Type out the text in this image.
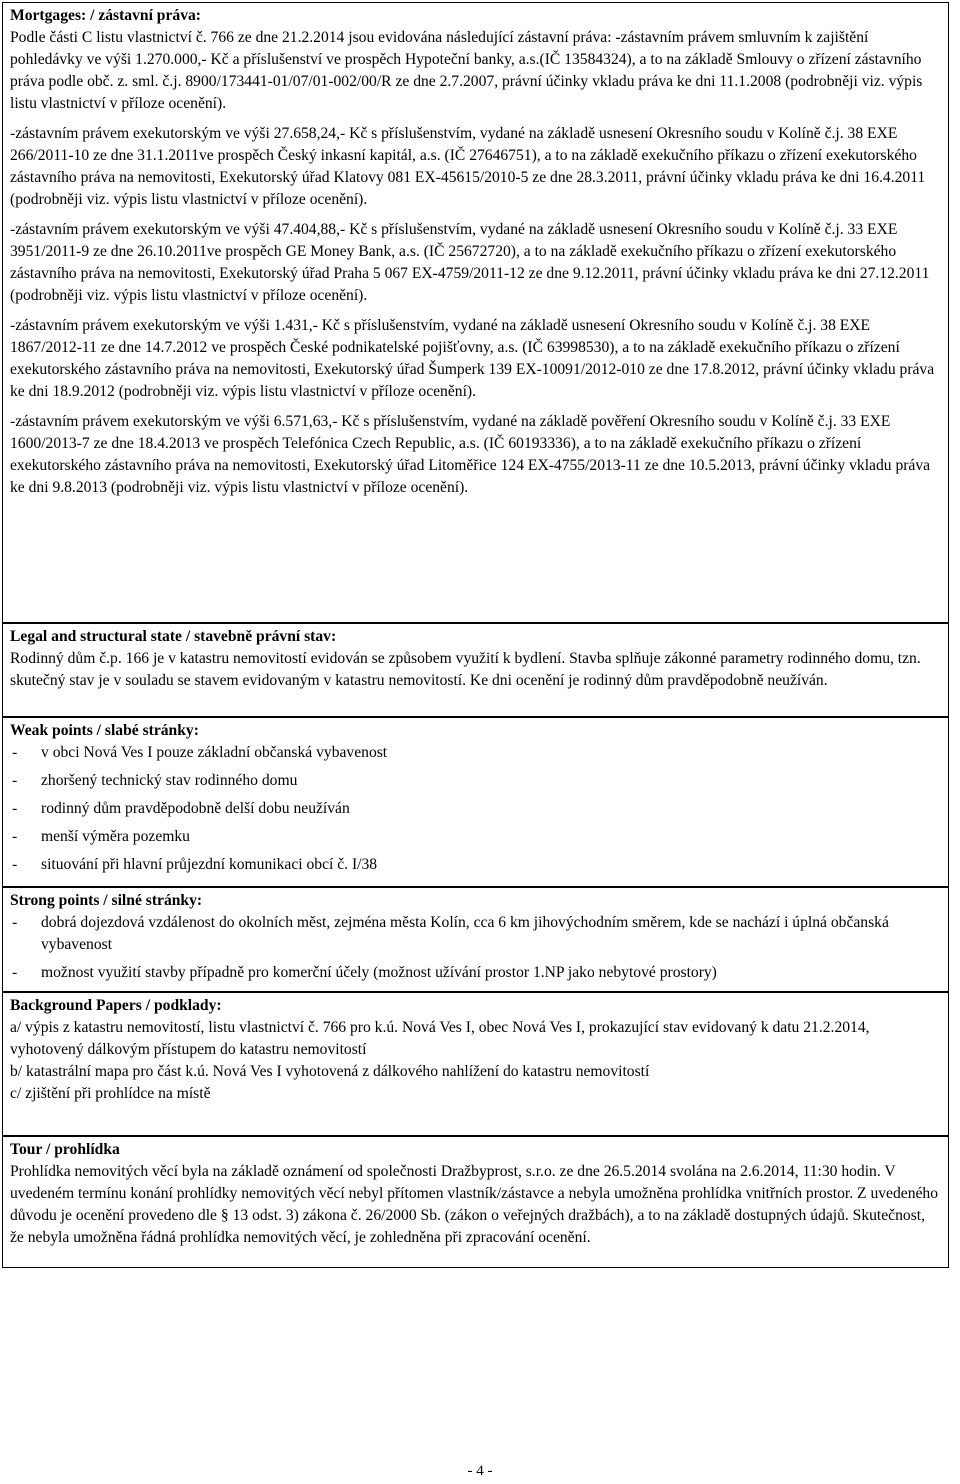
Mortgages: / zástavní práva:

Podle části C listu vlastnictví č. 766 ze dne 21.2.2014 jsou evidována následující zástavní práva: -zástavním právem smluvním k zajištění pohledávky ve výši 1.270.000,- Kč a příslušenství ve prospěch Hypoteční banky, a.s.(IČ 13584324), a to na základě Smlouvy o zřízení zástavního práva podle obč. z. sml. č.j. 8900/173441-01/07/01-002/00/R ze dne 2.7.2007, právní účinky vkladu práva ke dni 11.1.2008 (podrobněji viz. výpis listu vlastnictví v příloze ocenění).

-zástavním právem exekutorským ve výši 27.658,24,- Kč s příslušenstvím, vydané na základě usnesení Okresního soudu v Kolíně č.j. 38 EXE 266/2011-10 ze dne 31.1.2011ve prospěch Český inkasní kapitál, a.s. (IČ 27646751), a to na základě exekučního příkazu o zřízení exekutorského zástavního práva na nemovitosti, Exekutorský úřad Klatovy 081 EX-45615/2010-5 ze dne 28.3.2011, právní účinky vkladu práva ke dni 16.4.2011 (podrobněji viz. výpis listu vlastnictví v příloze ocenění).

-zástavním právem exekutorským ve výši 47.404,88,- Kč s příslušenstvím, vydané na základě usnesení Okresního soudu v Kolíně č.j. 33 EXE 3951/2011-9 ze dne 26.10.2011ve prospěch GE Money Bank, a.s. (IČ 25672720), a to na základě exekučního příkazu o zřízení exekutorského zástavního práva na nemovitosti, Exekutorský úřad Praha 5 067 EX-4759/2011-12 ze dne 9.12.2011, právní účinky vkladu práva ke dni 27.12.2011 (podrobněji viz. výpis listu vlastnictví v příloze ocenění).

-zástavním právem exekutorským ve výši 1.431,- Kč s příslušenstvím, vydané na základě usnesení Okresního soudu v Kolíně č.j. 38 EXE 1867/2012-11 ze dne 14.7.2012 ve prospěch České podnikatelské pojišťovny, a.s. (IČ 63998530), a to na základě exekučního příkazu o zřízení exekutorského zástavního práva na nemovitosti, Exekutorský úřad Šumperk 139 EX-10091/2012-010 ze dne 17.8.2012, právní účinky vkladu práva ke dni 18.9.2012 (podrobněji viz. výpis listu vlastnictví v příloze ocenění).

-zástavním právem exekutorským ve výši 6.571,63,- Kč s příslušenstvím, vydané na základě pověření Okresního soudu v Kolíně č.j. 33 EXE 1600/2013-7 ze dne 18.4.2013 ve prospěch Telefónica Czech Republic, a.s. (IČ 60193336), a to na základě exekučního příkazu o zřízení exekutorského zástavního práva na nemovitosti, Exekutorský úřad Litoměřice 124 EX-4755/2013-11 ze dne 10.5.2013, právní účinky vkladu práva ke dni 9.8.2013 (podrobněji viz. výpis listu vlastnictví v příloze ocenění).

Legal and structural state / stavebně právní stav:

Rodinný dům č.p. 166 je v katastru nemovitostí evidován se způsobem využití k bydlení. Stavba splňuje zákonné parametry rodinného domu, tzn. skutečný stav je v souladu se stavem evidovaným v katastru nemovitostí. Ke dni ocenění je rodinný dům pravděpodobně neužíván.

Weak points / slabé stránky:

- v obci Nová Ves I pouze základní občanská vybavenost
- zhoršený technický stav rodinného domu
- rodinný dům pravděpodobně delší dobu neužíván
- menší výměra pozemku
- situování při hlavní průjezdní komunikaci obcí č. I/38

Strong points / silné stránky:

- dobrá dojezdová vzdálenost do okolních měst, zejména města Kolín, cca 6 km jihovýchodním směrem, kde se nachází i úplná občanská vybavenost
- možnost využití stavby případně pro komerční účely (možnost užívání prostor 1.NP jako nebytové prostory)

Background Papers / podklady:

a/ výpis z katastru nemovitostí, listu vlastnictví č. 766 pro k.ú. Nová Ves I, obec Nová Ves I, prokazující stav evidovaný k datu 21.2.2014, vyhotovený dálkovým přístupem do katastru nemovitostí

b/ katastrální mapa pro část k.ú. Nová Ves I vyhotovená z dálkového nahlížení do katastru nemovitostí

c/ zjištění při prohlídce na místě

Tour / prohlídka

Prohlídka nemovitých věcí byla na základě oznámení od společnosti Dražbyprost, s.r.o. ze dne 26.5.2014 svolána na 2.6.2014, 11:30 hodin. V uvedeném termínu konání prohlídky nemovitých věcí nebyl přítomen vlastník/zástavce a nebyla umožněna prohlídka vnitřních prostor. Z uvedeného důvodu je ocenění provedeno dle § 13 odst. 3) zákona č. 26/2000 Sb. (zákon o veřejných dražbách), a to na základě dostupných údajů. Skutečnost, že nebyla umožněna řádná prohlídka nemovitých věcí, je zohledněna při zpracování ocenění.

- 4 -
